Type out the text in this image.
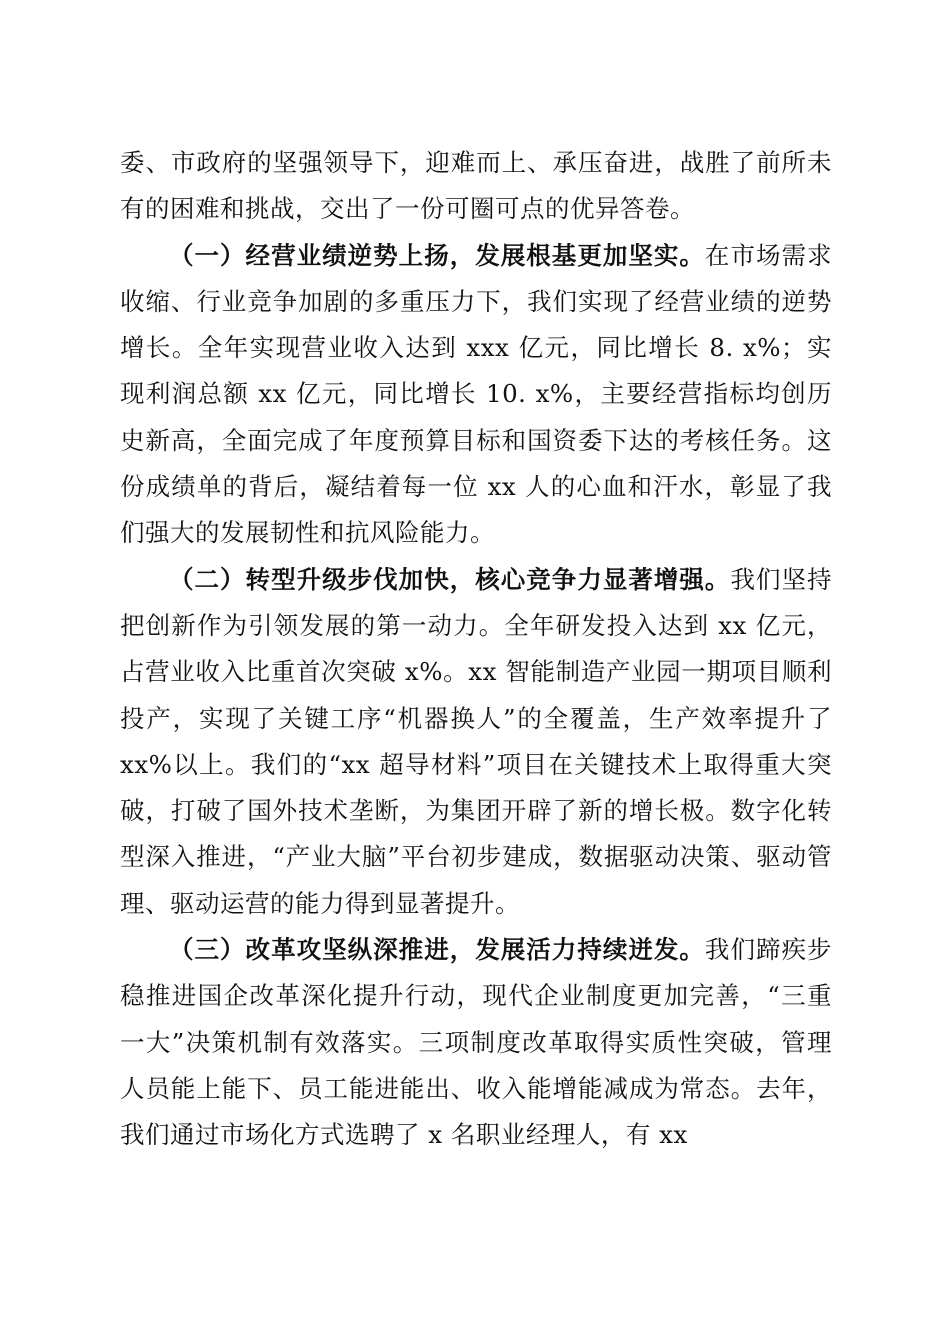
委、市政府的坚强领导下，迎难而上、承压奋进，战胜了前所未有的困难和挑战，交出了一份可圈可点的优异答卷。

（一）经营业绩逆势上扬，发展根基更加坚实。在市场需求收缩、行业竞争加剧的多重压力下，我们实现了经营业绩的逆势增长。全年实现营业收入达到 xxx 亿元，同比增长 8. x%；实现利润总额 xx 亿元，同比增长 10. x%，主要经营指标均创历史新高，全面完成了年度预算目标和国资委下达的考核任务。这份成绩单的背后，凝结着每一位 xx 人的心血和汗水，彰显了我们强大的发展韧性和抗风险能力。

（二）转型升级步伐加快，核心竞争力显著增强。我们坚持把创新作为引领发展的第一动力。全年研发投入达到 xx 亿元，占营业收入比重首次突破 x%。xx 智能制造产业园一期项目顺利投产，实现了关键工序“机器换人”的全覆盖，生产效率提升了 xx%以上。我们的“xx 超导材料”项目在关键技术上取得重大突破，打破了国外技术垄断，为集团开辟了新的增长极。数字化转型深入推进，“产业大脑”平台初步建成，数据驱动决策、驱动管理、驱动运营的能力得到显著提升。

（三）改革攻坚纵深推进，发展活力持续迸发。我们蹄疾步稳推进国企改革深化提升行动，现代企业制度更加完善，“三重一大”决策机制有效落实。三项制度改革取得实质性突破，管理人员能上能下、员工能进能出、收入能增能减成为常态。去年，我们通过市场化方式选聘了 x 名职业经理人，有 xx
